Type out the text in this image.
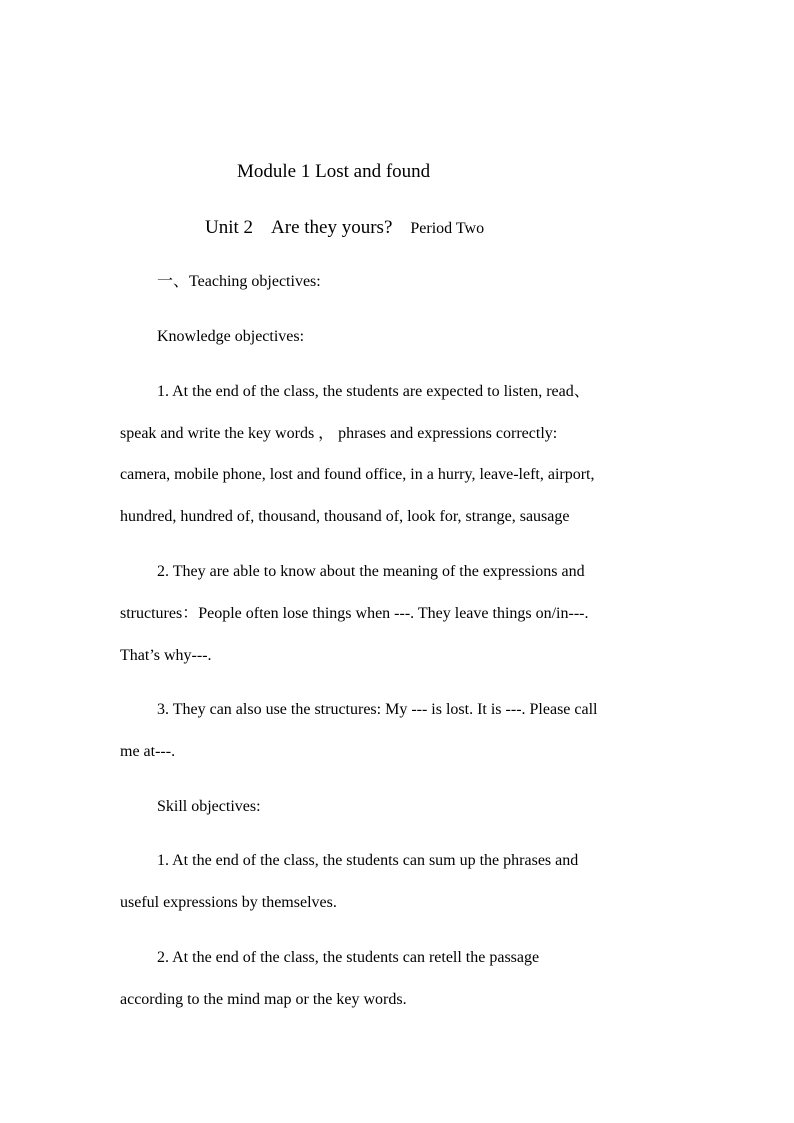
Module 1 Lost and found
Unit 2 Are they yours? Period Two
一、Teaching objectives:
Knowledge objectives:
1. At the end of the class, the students are expected to listen, read、
speak and write the key words ， phrases and expressions correctly:
camera, mobile phone, lost and found office, in a hurry, leave-left, airport,
hundred, hundred of, thousand, thousand of, look for, strange, sausage
2. They are able to know about the meaning of the expressions and
structures：People often lose things when ---. They leave things on/in---.
That’s why---.
3. They can also use the structures: My --- is lost. It is ---. Please call
me at---.
Skill objectives:
1. At the end of the class, the students can sum up the phrases and
useful expressions by themselves.
2. At the end of the class, the students can retell the passage
according to the mind map or the key words.
